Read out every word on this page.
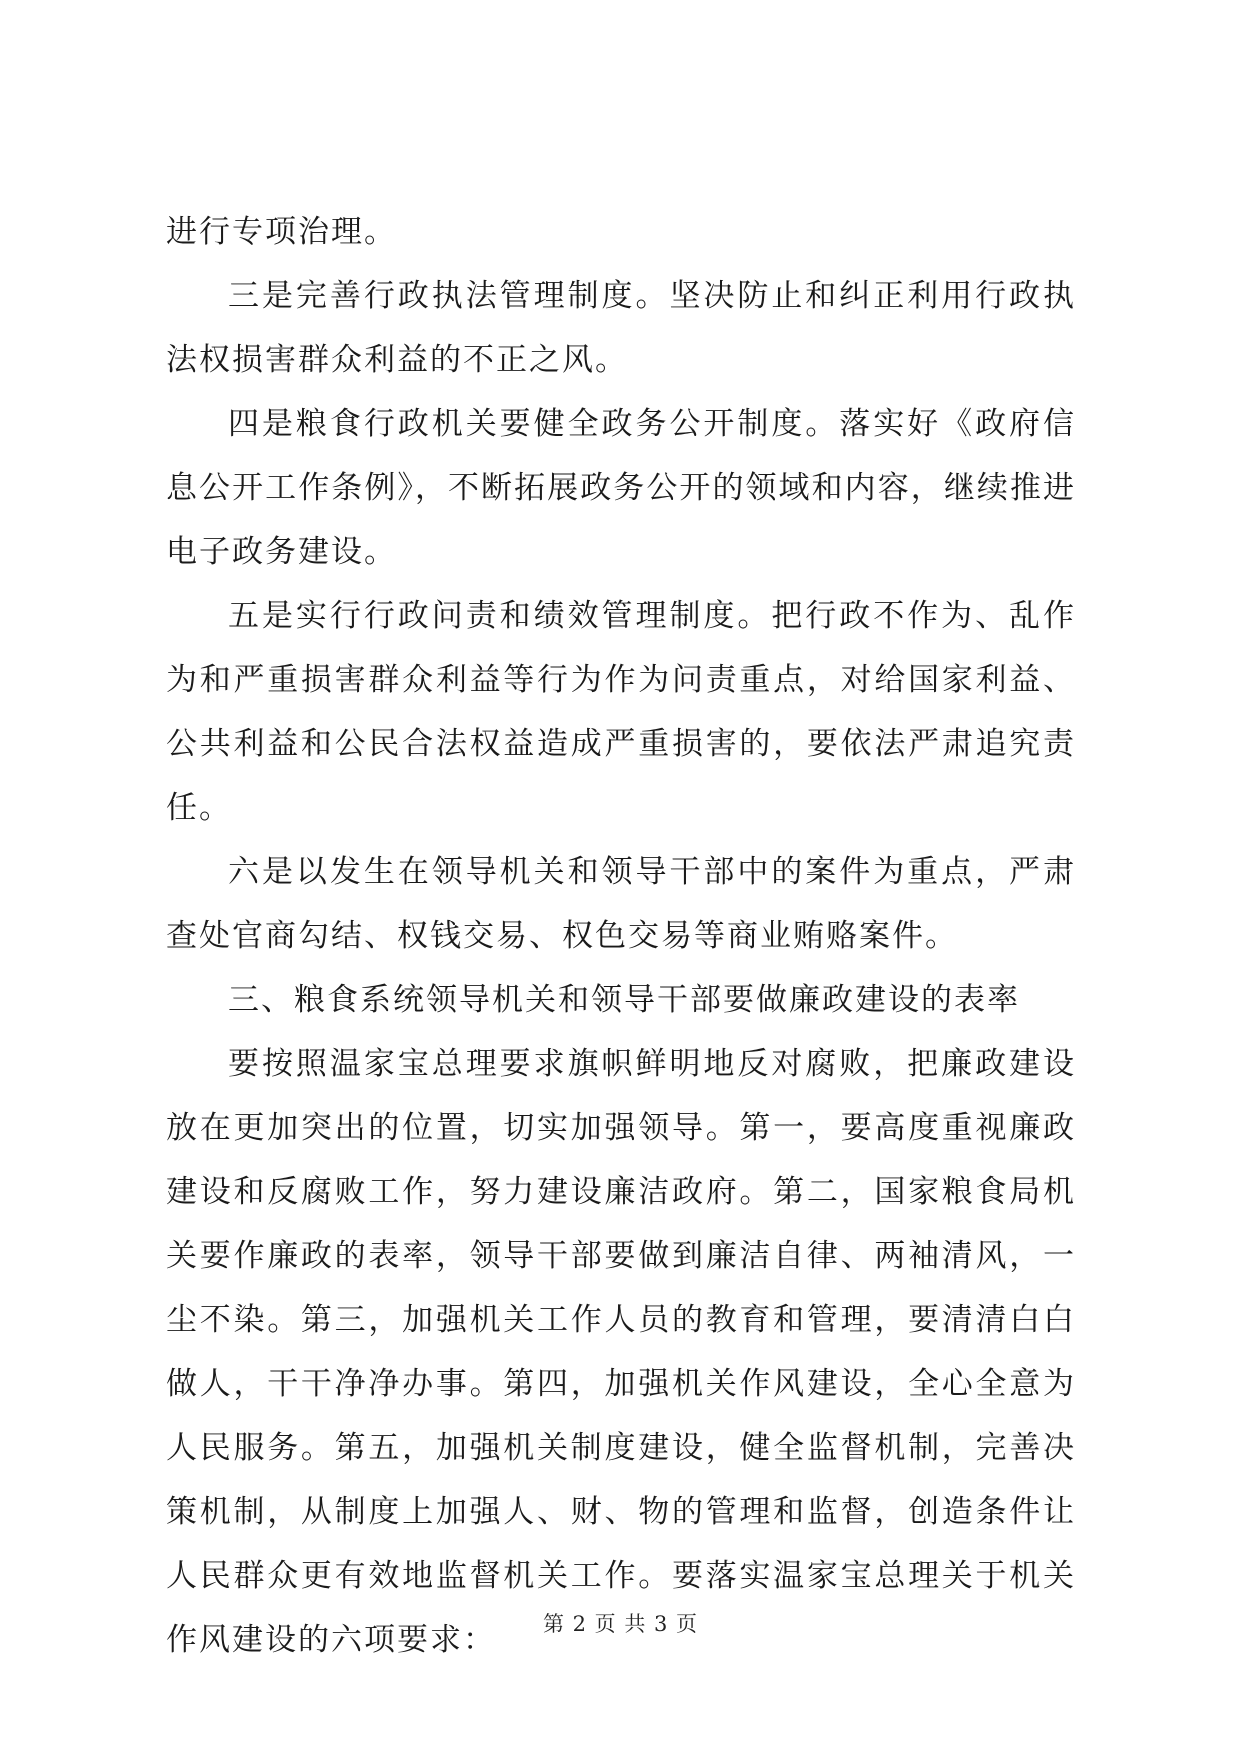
进行专项治理。

三是完善行政执法管理制度。坚决防止和纠正利用行政执法权损害群众利益的不正之风。

四是粮食行政机关要健全政务公开制度。落实好《政府信息公开工作条例》，不断拓展政务公开的领域和内容，继续推进电子政务建设。

五是实行行政问责和绩效管理制度。把行政不作为、乱作为和严重损害群众利益等行为作为问责重点，对给国家利益、公共利益和公民合法权益造成严重损害的，要依法严肃追究责任。

六是以发生在领导机关和领导干部中的案件为重点，严肃查处官商勾结、权钱交易、权色交易等商业贿赂案件。

三、粮食系统领导机关和领导干部要做廉政建设的表率

要按照温家宝总理要求旗帜鲜明地反对腐败，把廉政建设放在更加突出的位置，切实加强领导。第一，要高度重视廉政建设和反腐败工作，努力建设廉洁政府。第二，国家粮食局机关要作廉政的表率，领导干部要做到廉洁自律、两袖清风，一尘不染。第三，加强机关工作人员的教育和管理，要清清白白做人，干干净净办事。第四，加强机关作风建设，全心全意为人民服务。第五，加强机关制度建设，健全监督机制，完善决策机制，从制度上加强人、财、物的管理和监督，创造条件让人民群众更有效地监督机关工作。要落实温家宝总理关于机关作风建设的六项要求：	第 2 页 共 3 页
